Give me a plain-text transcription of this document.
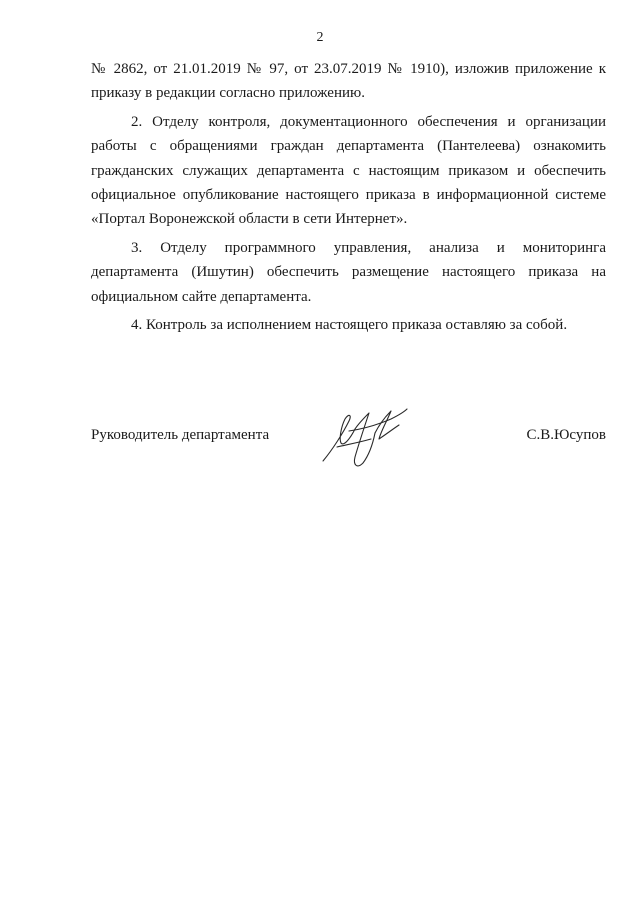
2

№ 2862, от 21.01.2019 № 97, от 23.07.2019 № 1910), изложив приложение к приказу в редакции согласно приложению.

2. Отделу контроля, документационного обеспечения и организации работы с обращениями граждан департамента (Пантелеева) ознакомить гражданских служащих департамента с настоящим приказом и обеспечить официальное опубликование настоящего приказа в информационной системе «Портал Воронежской области в сети Интернет».

3. Отделу программного управления, анализа и мониторинга департамента (Ишутин) обеспечить размещение настоящего приказа на официальном сайте департамента.

4. Контроль за исполнением настоящего приказа оставляю за собой.

Руководитель департамента	С.В.Юсупов
